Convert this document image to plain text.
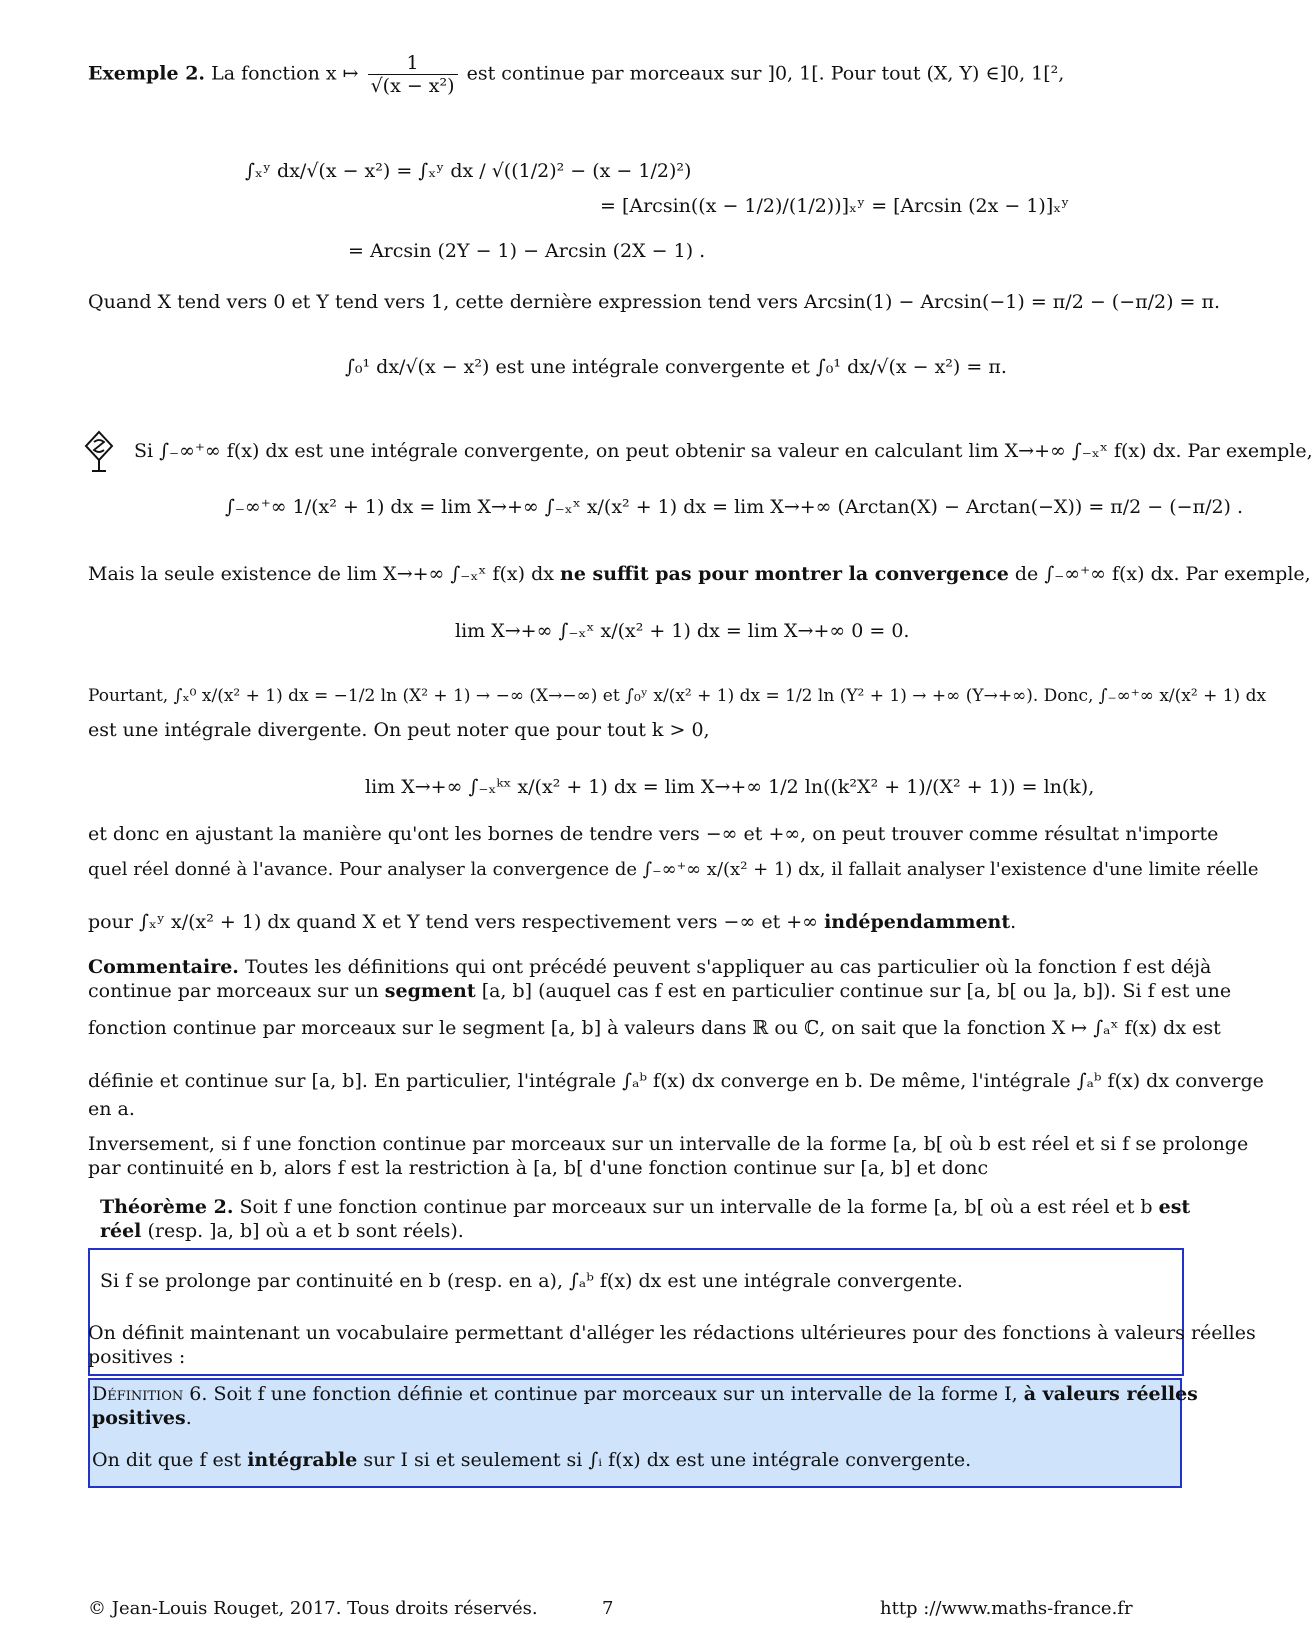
Exemple 2. La fonction x ↦ $\frac{1}{\text{√(x − x²)}}$ est continue par morceaux sur ]0, 1[. Pour tout (X, Y) ∈]0, 1[²,
∫ₓʸ dx/√(x − x²) = ∫ₓʸ dx / √((1/2)² − (x − 1/2)²)
= [Arcsin((x − 1/2)/(1/2))]ₓʸ = [Arcsin (2x − 1)]ₓʸ
= Arcsin (2Y − 1) − Arcsin (2X − 1) .
Quand X tend vers 0 et Y tend vers 1, cette dernière expression tend vers Arcsin(1) − Arcsin(−1) = π/2 − (−π/2) = π.
∫₀¹ dx/√(x − x²) est une intégrale convergente et ∫₀¹ dx/√(x − x²) = π.
Si ∫₋∞⁺∞ f(x) dx est une intégrale convergente, on peut obtenir sa valeur en calculant lim X→+∞ ∫₋ₓˣ f(x) dx. Par exemple,
∫₋∞⁺∞ 1/(x² + 1) dx = lim X→+∞ ∫₋ₓˣ x/(x² + 1) dx = lim X→+∞ (Arctan(X) − Arctan(−X)) = π/2 − (−π/2) .
Mais la seule existence de lim X→+∞ ∫₋ₓˣ f(x) dx ne suffit pas pour montrer la convergence de ∫₋∞⁺∞ f(x) dx. Par exemple,
lim X→+∞ ∫₋ₓˣ x/(x² + 1) dx = lim X→+∞ 0 = 0.
Pourtant, ∫ₓ⁰ x/(x² + 1) dx = −1/2 ln (X² + 1) → −∞ (X→−∞) et ∫₀ʸ x/(x² + 1) dx = 1/2 ln (Y² + 1) → +∞ (Y→+∞). Donc, ∫₋∞⁺∞ x/(x² + 1) dx
est une intégrale divergente. On peut noter que pour tout k > 0,
lim X→+∞ ∫₋ₓᵏˣ x/(x² + 1) dx = lim X→+∞ 1/2 ln((k²X² + 1)/(X² + 1)) = ln(k),
et donc en ajustant la manière qu'ont les bornes de tendre vers −∞ et +∞, on peut trouver comme résultat n'importe
quel réel donné à l'avance. Pour analyser la convergence de ∫₋∞⁺∞ x/(x² + 1) dx, il fallait analyser l'existence d'une limite réelle
pour ∫ₓʸ x/(x² + 1) dx quand X et Y tend vers respectivement vers −∞ et +∞ indépendamment.
Commentaire. Toutes les définitions qui ont précédé peuvent s'appliquer au cas particulier où la fonction f est déjà
continue par morceaux sur un segment [a, b] (auquel cas f est en particulier continue sur [a, b[ ou ]a, b]). Si f est une
fonction continue par morceaux sur le segment [a, b] à valeurs dans ℝ ou ℂ, on sait que la fonction X ↦ ∫ₐˣ f(x) dx est
définie et continue sur [a, b]. En particulier, l'intégrale ∫ₐᵇ f(x) dx converge en b. De même, l'intégrale ∫ₐᵇ f(x) dx converge
en a.
Inversement, si f une fonction continue par morceaux sur un intervalle de la forme [a, b[ où b est réel et si f se prolonge
par continuité en b, alors f est la restriction à [a, b[ d'une fonction continue sur [a, b] et donc
Théorème 2. Soit f une fonction continue par morceaux sur un intervalle de la forme [a, b[ où a est réel et b est
réel (resp. ]a, b] où a et b sont réels).
Si f se prolonge par continuité en b (resp. en a), ∫ₐᵇ f(x) dx est une intégrale convergente.
On définit maintenant un vocabulaire permettant d'alléger les rédactions ultérieures pour des fonctions à valeurs réelles
positives :
Définition 6. Soit f une fonction définie et continue par morceaux sur un intervalle de la forme I, à valeurs réelles
positives.
On dit que f est intégrable sur I si et seulement si ∫ᵢ f(x) dx est une intégrale convergente.
© Jean-Louis Rouget, 2017. Tous droits réservés.	7	http ://www.maths-france.fr
